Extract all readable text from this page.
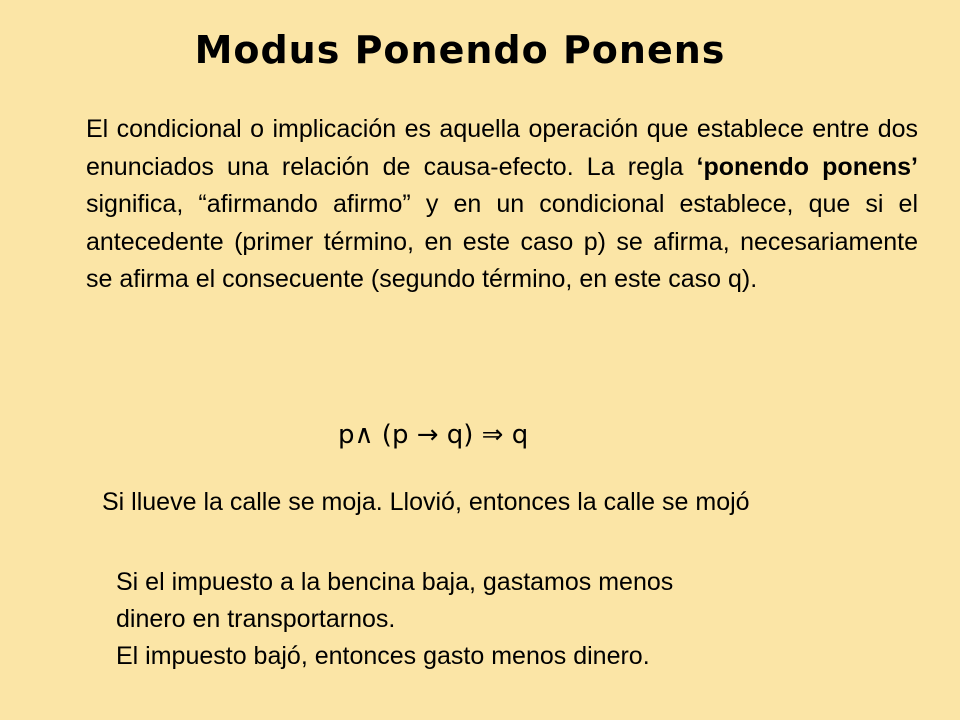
Modus Ponendo Ponens
El condicional o implicación es aquella operación que establece entre dos enunciados una relación de causa-efecto. La regla ‘ponendo ponens’ significa, “afirmando afirmo” y en un condicional establece, que si el antecedente (primer término, en este caso p) se afirma, necesariamente se afirma el consecuente (segundo término, en este caso q).
p∧ (p → q) ⇒ q
Si llueve la calle se moja. Llovió, entonces la calle se mojó
Si el impuesto a la bencina baja, gastamos menos
dinero en transportarnos.
El impuesto bajó, entonces gasto menos dinero.
